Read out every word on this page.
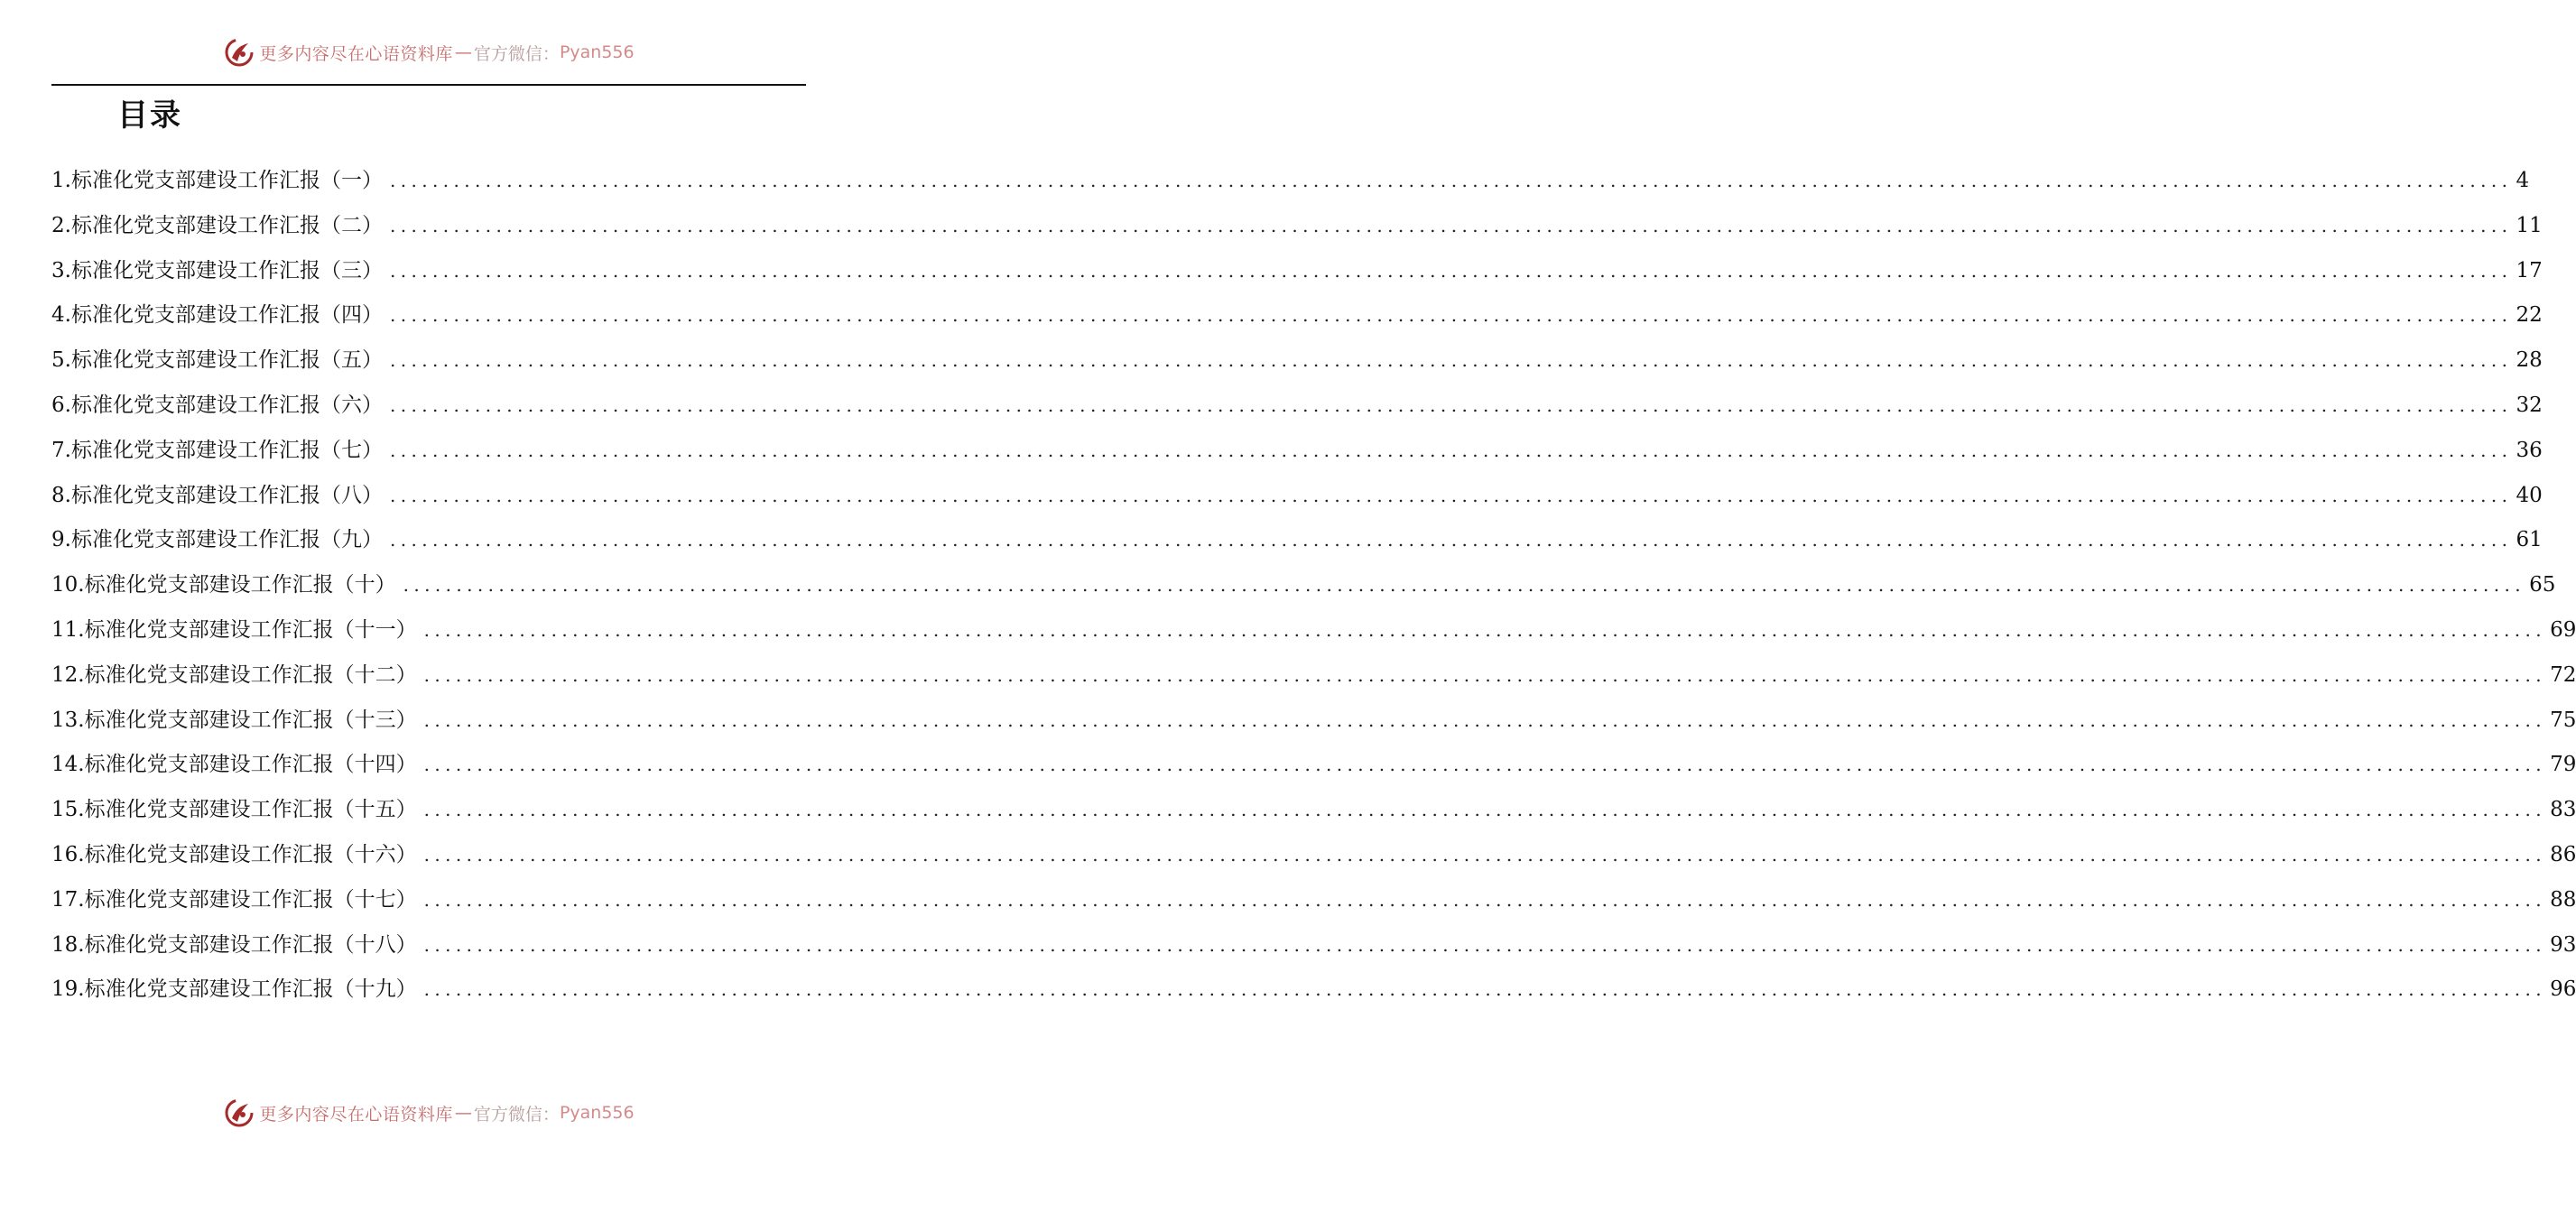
更多内容尽在心语资料库 — 官方微信： Pyan556
目录
1.标准化党支部建设工作汇报（一） ........................................................................................................................................................................................................ 4
2.标准化党支部建设工作汇报（二） ........................................................................................................................................................................................................ 11
3.标准化党支部建设工作汇报（三） ........................................................................................................................................................................................................ 17
4.标准化党支部建设工作汇报（四） ........................................................................................................................................................................................................ 22
5.标准化党支部建设工作汇报（五） ........................................................................................................................................................................................................ 28
6.标准化党支部建设工作汇报（六） ........................................................................................................................................................................................................ 32
7.标准化党支部建设工作汇报（七） ........................................................................................................................................................................................................ 36
8.标准化党支部建设工作汇报（八） ........................................................................................................................................................................................................ 40
9.标准化党支部建设工作汇报（九） ........................................................................................................................................................................................................ 61
10.标准化党支部建设工作汇报（十） ........................................................................................................................................................................................................ 65
11.标准化党支部建设工作汇报（十一） ........................................................................................................................................................................................................ 69
12.标准化党支部建设工作汇报（十二） ........................................................................................................................................................................................................ 72
13.标准化党支部建设工作汇报（十三） ........................................................................................................................................................................................................ 75
14.标准化党支部建设工作汇报（十四） ........................................................................................................................................................................................................ 79
15.标准化党支部建设工作汇报（十五） ........................................................................................................................................................................................................ 83
16.标准化党支部建设工作汇报（十六） ........................................................................................................................................................................................................ 86
17.标准化党支部建设工作汇报（十七） ........................................................................................................................................................................................................ 88
18.标准化党支部建设工作汇报（十八） ........................................................................................................................................................................................................ 93
19.标准化党支部建设工作汇报（十九） ........................................................................................................................................................................................................ 96
更多内容尽在心语资料库 — 官方微信： Pyan556
